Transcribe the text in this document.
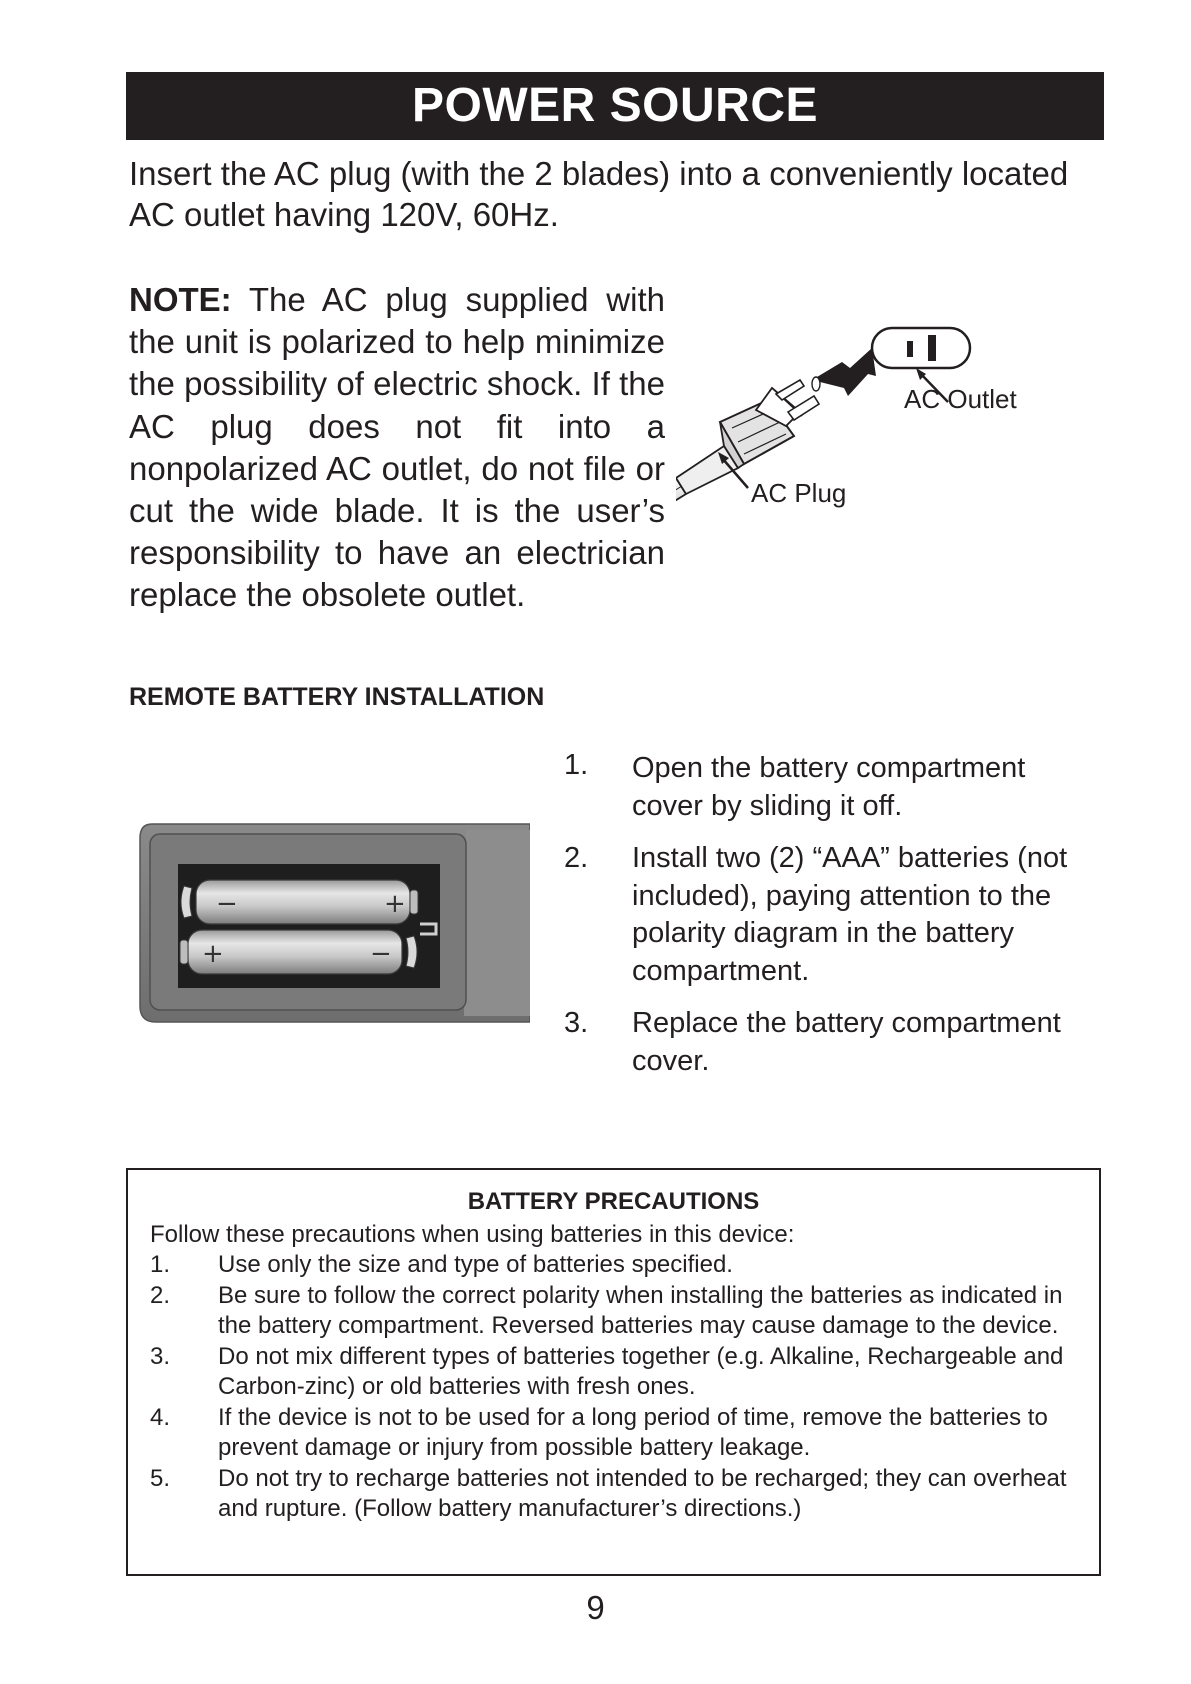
POWER SOURCE
Insert the AC plug (with the 2 blades) into a conveniently located AC outlet having 120V, 60Hz.
NOTE: The AC plug supplied with the unit is polarized to help minimize the possibility of electric shock. If the AC plug does not fit into a nonpolarized AC outlet, do not file or cut the wide blade. It is the user’s responsibility to have an electrician replace the obsolete outlet.
AC Outlet
AC Plug
REMOTE BATTERY INSTALLATION
−	+
+	−
1. Open the battery compartment cover by sliding it off.
2. Install two (2) “AAA” batteries (not included), paying attention to the polarity diagram in the battery compartment.
3. Replace the battery compartment cover.
BATTERY PRECAUTIONS
Follow these precautions when using batteries in this device:
1. Use only the size and type of batteries specified.
2. Be sure to follow the correct polarity when installing the batteries as indicated in the battery compartment. Reversed batteries may cause damage to the device.
3. Do not mix different types of batteries together (e.g. Alkaline, Rechargeable and Carbon-zinc) or old batteries with fresh ones.
4. If the device is not to be used for a long period of time, remove the batteries to prevent damage or injury from possible battery leakage.
5. Do not try to recharge batteries not intended to be recharged; they can overheat and rupture. (Follow battery manufacturer’s directions.)
9
